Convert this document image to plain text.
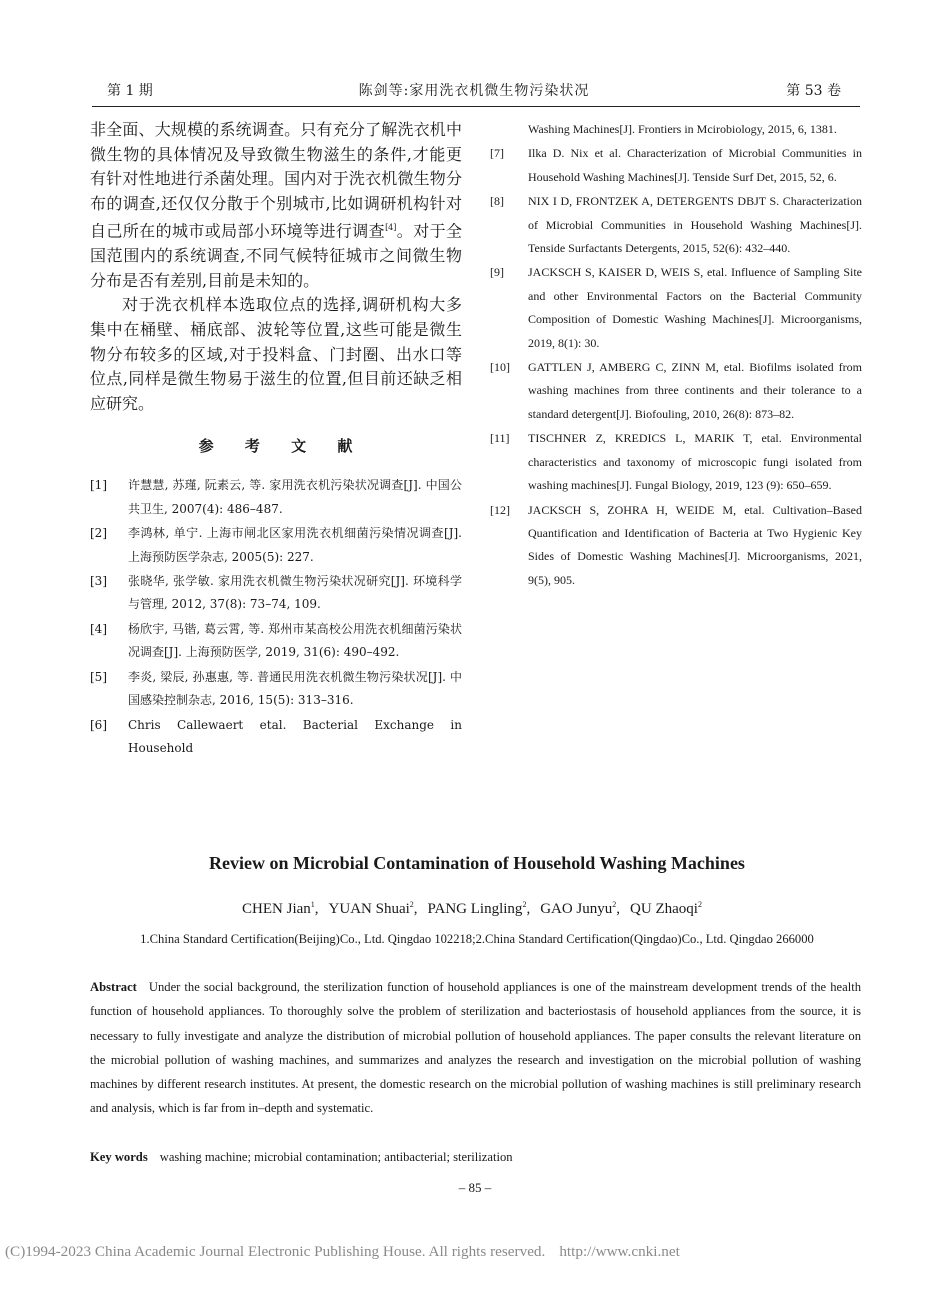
第 1 期	陈剑等:家用洗衣机微生物污染状况	第 53 卷

非全面、大规模的系统调查。只有充分了解洗衣机中微生物的具体情况及导致微生物滋生的条件,才能更有针对性地进行杀菌处理。国内对于洗衣机微生物分布的调查,还仅仅分散于个别城市,比如调研机构针对自己所在的城市或局部小环境等进行调查[4]。对于全国范围内的系统调查,不同气候特征城市之间微生物分布是否有差别,目前是未知的。

对于洗衣机样本选取位点的选择,调研机构大多集中在桶壁、桶底部、波轮等位置,这些可能是微生物分布较多的区域,对于投料盒、门封圈、出水口等位点,同样是微生物易于滋生的位置,但目前还缺乏相应研究。

参 考 文 献
[1]	许慧慧, 苏瑾, 阮素云, 等. 家用洗衣机污染状况调查[J]. 中国公共卫生, 2007(4): 486–487.
[2]	李鸿林, 单宁. 上海市闸北区家用洗衣机细菌污染情况调查[J]. 上海预防医学杂志, 2005(5): 227.
[3]	张晓华, 张学敏. 家用洗衣机微生物污染状况研究[J]. 环境科学与管理, 2012, 37(8): 73–74, 109.
[4]	杨欣宇, 马锴, 葛云霄, 等. 郑州市某高校公用洗衣机细菌污染状况调查[J]. 上海预防医学, 2019, 31(6): 490–492.
[5]	李炎, 梁辰, 孙惠惠, 等. 普通民用洗衣机微生物污染状况[J]. 中国感染控制杂志, 2016, 15(5): 313–316.
[6]	Chris Callewaert etal. Bacterial Exchange in Household
Washing Machines[J]. Frontiers in Mcirobiology, 2015, 6, 1381.
[7]	Ilka D. Nix et al. Characterization of Microbial Communities in Household Washing Machines[J]. Tenside Surf Det, 2015, 52, 6.
[8]	NIX I D, FRONTZEK A, DETERGENTS DBJT S. Characterization of Microbial Communities in Household Washing Machines[J]. Tenside Surfactants Detergents, 2015, 52(6): 432–440.
[9]	JACKSCH S, KAISER D, WEIS S, etal. Influence of Sampling Site and other Environmental Factors on the Bacterial Community Composition of Domestic Washing Machines[J]. Microorganisms, 2019, 8(1): 30.
[10]	GATTLEN J, AMBERG C, ZINN M, etal. Biofilms isolated from washing machines from three continents and their tolerance to a standard detergent[J]. Biofouling, 2010, 26(8): 873–82.
[11]	TISCHNER Z, KREDICS L, MARIK T, etal. Environmental characteristics and taxonomy of microscopic fungi isolated from washing machines[J]. Fungal Biology, 2019, 123 (9): 650–659.
[12]	JACKSCH S, ZOHRA H, WEIDE M, etal. Cultivation–Based Quantification and Identification of Bacteria at Two Hygienic Key Sides of Domestic Washing Machines[J]. Microorganisms, 2021, 9(5), 905.
Review on Microbial Contamination of Household Washing Machines
CHEN Jian$^1$, YUAN Shuai$^2$, PANG Lingling$^2$, GAO Junyu$^2$, QU Zhaoqi$^2$
1.China Standard Certification(Beijing)Co., Ltd. Qingdao 102218;2.China Standard Certification(Qingdao)Co., Ltd. Qingdao 266000
Abstract Under the social background, the sterilization function of household appliances is one of the mainstream development trends of the health function of household appliances. To thoroughly solve the problem of sterilization and bacteriostasis of household appliances from the source, it is necessary to fully investigate and analyze the distribution of microbial pollution of household appliances. The paper consults the relevant literature on the microbial pollution of washing machines, and summarizes and analyzes the research and investigation on the microbial pollution of washing machines by different research institutes. At present, the domestic research on the microbial pollution of washing machines is still preliminary research and analysis, which is far from in–depth and systematic.
Key words washing machine; microbial contamination; antibacterial; sterilization
– 85 –
(C)1994-2023 China Academic Journal Electronic Publishing House. All rights reserved. http://www.cnki.net
